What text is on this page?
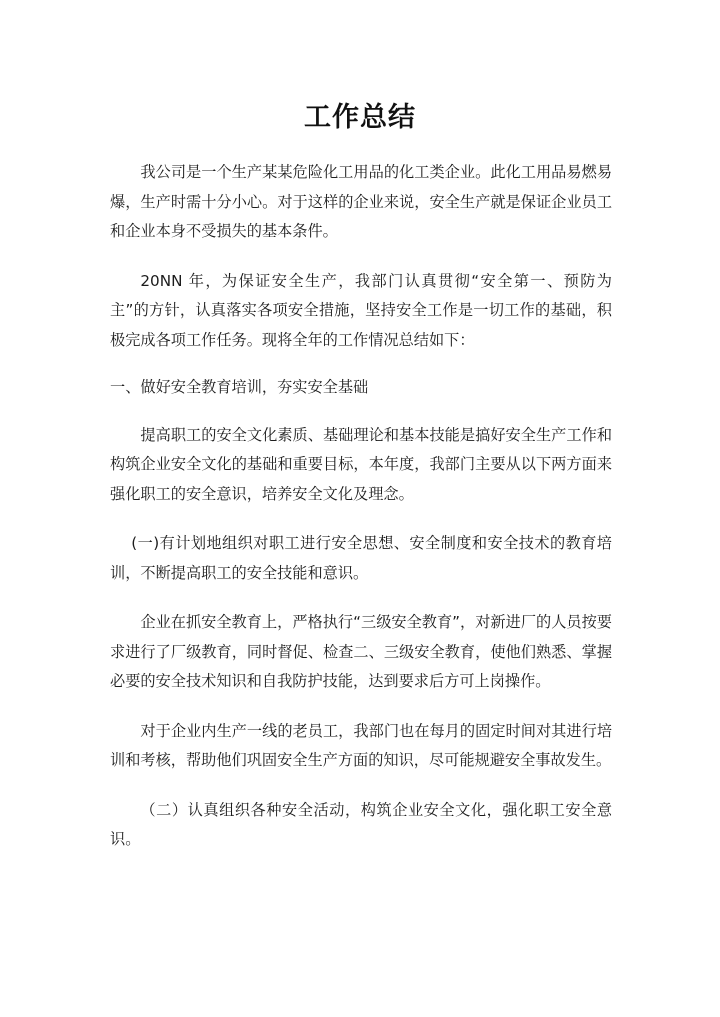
工作总结

我公司是一个生产某某危险化工用品的化工类企业。此化工用品易燃易爆，生产时需十分小心。对于这样的企业来说，安全生产就是保证企业员工和企业本身不受损失的基本条件。

20NN 年，为保证安全生产，我部门认真贯彻“安全第一、预防为主”的方针，认真落实各项安全措施，坚持安全工作是一切工作的基础，积极完成各项工作任务。现将全年的工作情况总结如下：

一、做好安全教育培训，夯实安全基础

提高职工的安全文化素质、基础理论和基本技能是搞好安全生产工作和构筑企业安全文化的基础和重要目标，本年度，我部门主要从以下两方面来强化职工的安全意识，培养安全文化及理念。

(一)有计划地组织对职工进行安全思想、安全制度和安全技术的教育培训，不断提高职工的安全技能和意识。

企业在抓安全教育上，严格执行“三级安全教育”，对新进厂的人员按要求进行了厂级教育，同时督促、检查二、三级安全教育，使他们熟悉、掌握必要的安全技术知识和自我防护技能，达到要求后方可上岗操作。

对于企业内生产一线的老员工，我部门也在每月的固定时间对其进行培训和考核，帮助他们巩固安全生产方面的知识，尽可能规避安全事故发生。

（二）认真组织各种安全活动，构筑企业安全文化，强化职工安全意识。
